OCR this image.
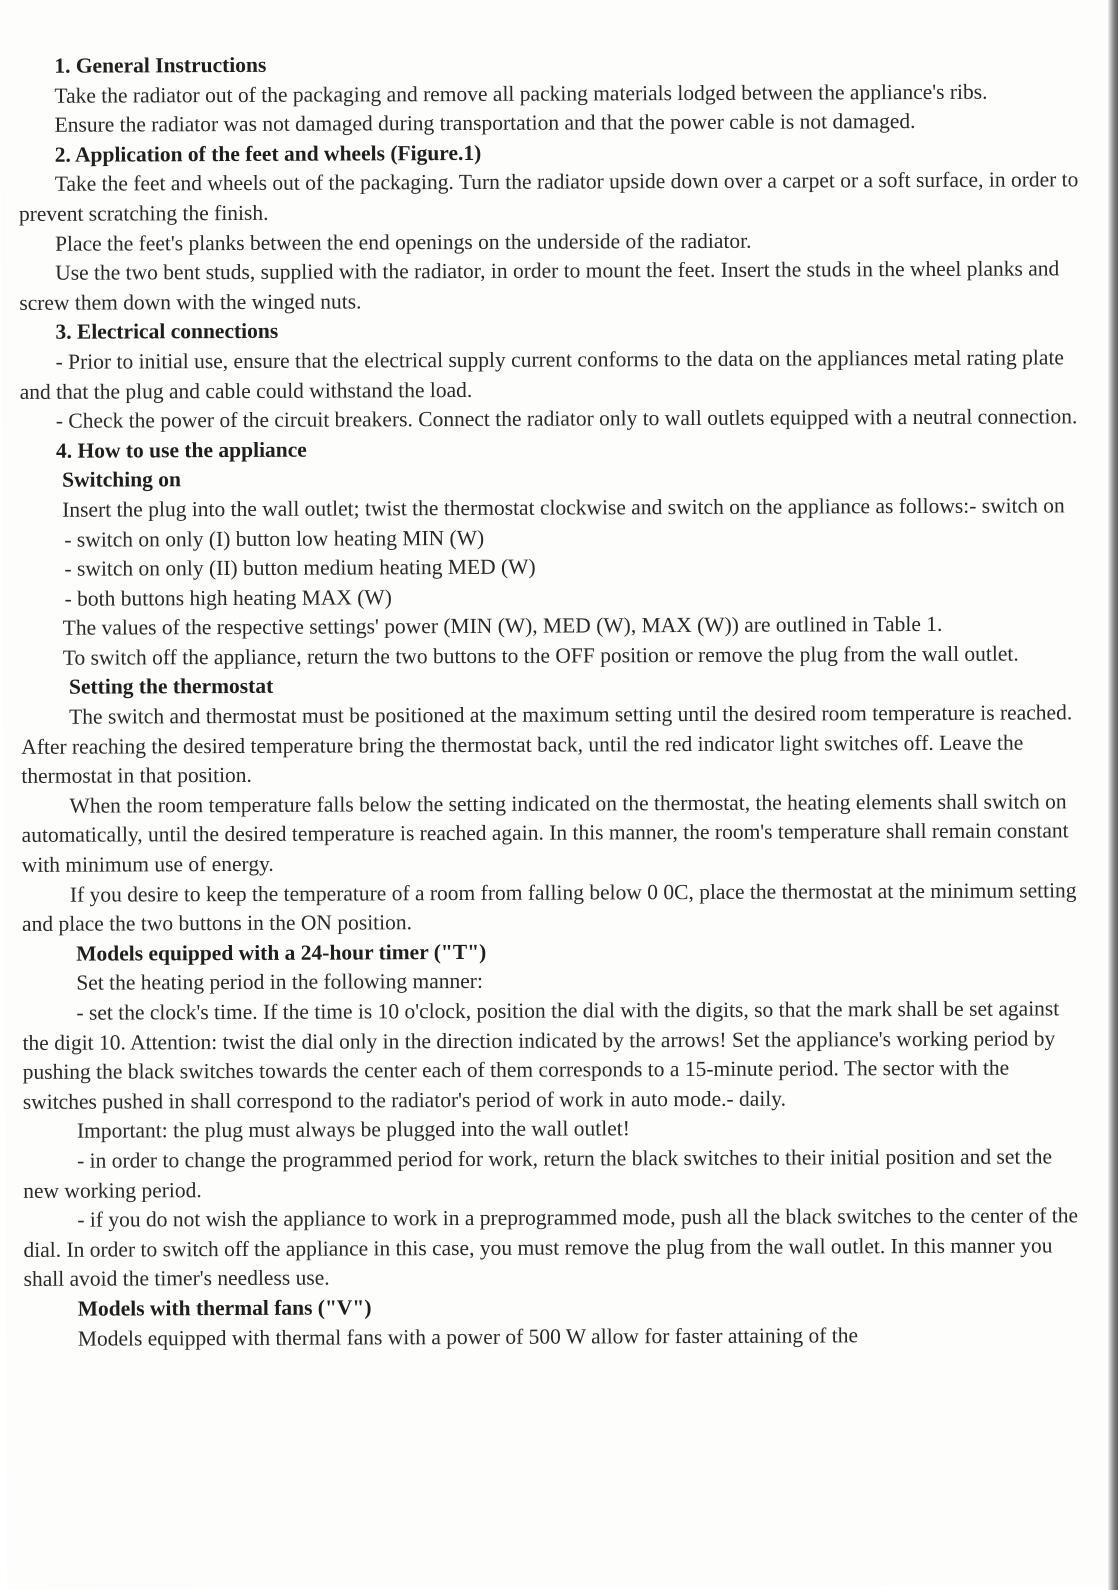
1. General Instructions

Take the radiator out of the packaging and remove all packing materials lodged between the appliance's ribs.

Ensure the radiator was not damaged during transportation and that the power cable is not damaged.

2. Application of the feet and wheels (Figure.1)

Take the feet and wheels out of the packaging. Turn the radiator upside down over a carpet or a soft surface, in order to prevent scratching the finish.

Place the feet's planks between the end openings on the underside of the radiator.

Use the two bent studs, supplied with the radiator, in order to mount the feet. Insert the studs in the wheel planks and screw them down with the winged nuts.

3. Electrical connections

- Prior to initial use, ensure that the electrical supply current conforms to the data on the appliances metal rating plate and that the plug and cable could withstand the load.

- Check the power of the circuit breakers. Connect the radiator only to wall outlets equipped with a neutral connection.

4. How to use the appliance

Switching on

Insert the plug into the wall outlet; twist the thermostat clockwise and switch on the appliance as follows:- switch on

- switch on only (I) button low heating MIN (W)

- switch on only (II) button medium heating MED (W)

- both buttons high heating MAX (W)

The values of the respective settings' power (MIN (W), MED (W), MAX (W)) are outlined in Table 1.

To switch off the appliance, return the two buttons to the OFF position or remove the plug from the wall outlet.

Setting the thermostat

The switch and thermostat must be positioned at the maximum setting until the desired room temperature is reached. After reaching the desired temperature bring the thermostat back, until the red indicator light switches off. Leave the thermostat in that position.

When the room temperature falls below the setting indicated on the thermostat, the heating elements shall switch on automatically, until the desired temperature is reached again. In this manner, the room's temperature shall remain constant with minimum use of energy.

If you desire to keep the temperature of a room from falling below 0 0C, place the thermostat at the minimum setting and place the two buttons in the ON position.

Models equipped with a 24-hour timer ("T")

Set the heating period in the following manner:

- set the clock's time. If the time is 10 o'clock, position the dial with the digits, so that the mark shall be set against the digit 10. Attention: twist the dial only in the direction indicated by the arrows! Set the appliance's working period by pushing the black switches towards the center each of them corresponds to a 15-minute period. The sector with the switches pushed in shall correspond to the radiator's period of work in auto mode.- daily.

Important: the plug must always be plugged into the wall outlet!

- in order to change the programmed period for work, return the black switches to their initial position and set the new working period.

- if you do not wish the appliance to work in a preprogrammed mode, push all the black switches to the center of the dial. In order to switch off the appliance in this case, you must remove the plug from the wall outlet. In this manner you shall avoid the timer's needless use.

Models with thermal fans ("V")

Models equipped with thermal fans with a power of 500 W allow for faster attaining of the
